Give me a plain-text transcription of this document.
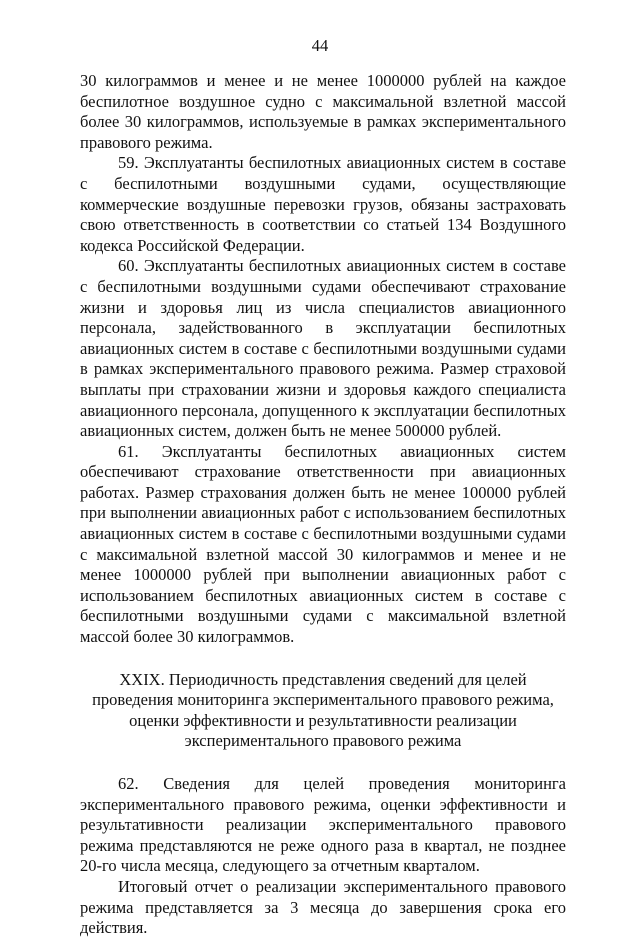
44

30 килограммов и менее и не менее 1000000 рублей на каждое беспилотное воздушное судно с максимальной взлетной массой более 30 килограммов, используемые в рамках экспериментального правового режима.

59. Эксплуатанты беспилотных авиационных систем в составе с беспилотными воздушными судами, осуществляющие коммерческие воздушные перевозки грузов, обязаны застраховать свою ответственность в соответствии со статьей 134 Воздушного кодекса Российской Федерации.

60. Эксплуатанты беспилотных авиационных систем в составе с беспилотными воздушными судами обеспечивают страхование жизни и здоровья лиц из числа специалистов авиационного персонала, задействованного в эксплуатации беспилотных авиационных систем в составе с беспилотными воздушными судами в рамках экспериментального правового режима. Размер страховой выплаты при страховании жизни и здоровья каждого специалиста авиационного персонала, допущенного к эксплуатации беспилотных авиационных систем, должен быть не менее 500000 рублей.

61. Эксплуатанты беспилотных авиационных систем обеспечивают страхование ответственности при авиационных работах. Размер страхования должен быть не менее 100000 рублей при выполнении авиационных работ с использованием беспилотных авиационных систем в составе с беспилотными воздушными судами с максимальной взлетной массой 30 килограммов и менее и не менее 1000000 рублей при выполнении авиационных работ с использованием беспилотных авиационных систем в составе с беспилотными воздушными судами с максимальной взлетной массой более 30 килограммов.

XXIX. Периодичность представления сведений для целей
проведения мониторинга экспериментального правового режима,
оценки эффективности и результативности реализации
экспериментального правового режима

62. Сведения для целей проведения мониторинга экспериментального правового режима, оценки эффективности и результативности реализации экспериментального правового режима представляются не реже одного раза в квартал, не позднее 20-го числа месяца, следующего за отчетным кварталом.

Итоговый отчет о реализации экспериментального правового режима представляется за 3 месяца до завершения срока его действия.
